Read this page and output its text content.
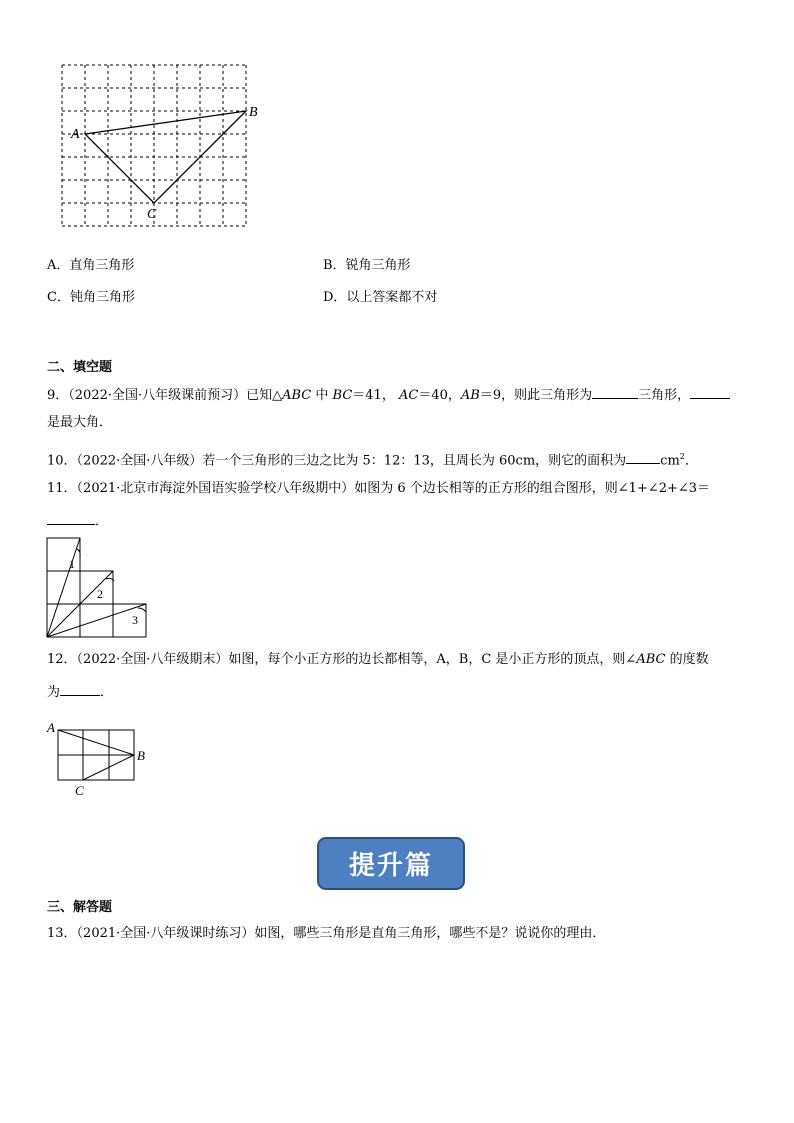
A
B
C
A．直角三角形	B．锐角三角形
C．钝角三角形	D．以上答案都不对
二、填空题
9．（2022·全国·八年级课前预习）已知△ABC 中 BC＝41， AC＝40，AB＝9，则此三角形为	三角形，
是最大角．
10．（2022·全国·八年级）若一个三角形的三边之比为 5：12：13，且周长为 60cm，则它的面积为	$cm^2$．
11．（2021·北京市海淀外国语实验学校八年级期中）如图为 6 个边长相等的正方形的组合图形，则∠1+∠2+∠3＝
．
1
2
3
12．（2022·全国·八年级期末）如图，每个小正方形的边长都相等，A，B，C 是小正方形的顶点，则∠ABC 的度数
为	．
A
B
C
提升篇
三、解答题
13．（2021·全国·八年级课时练习）如图，哪些三角形是直角三角形，哪些不是？说说你的理由．
